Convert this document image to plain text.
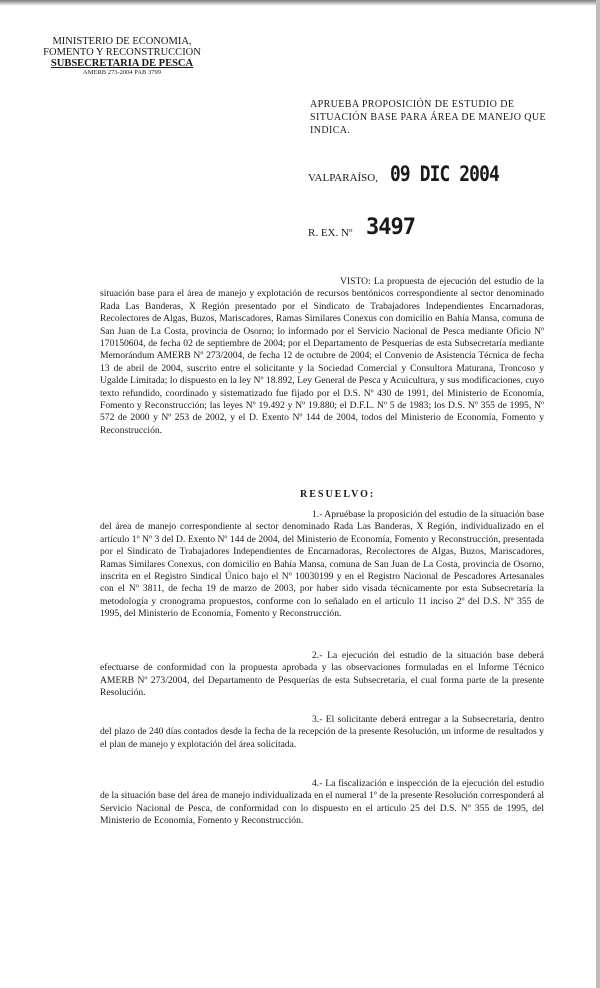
MINISTERIO DE ECONOMIA,
FOMENTO Y RECONSTRUCCION
SUBSECRETARIA DE PESCA
AMERB 273-2004 PAB 3799
APRUEBA PROPOSICIÓN DE ESTUDIO DE SITUACIÓN BASE PARA ÁREA DE MANEJO QUE INDICA.
VALPARAÍSO, 09 DIC 2004
R. EX. Nº 3497

VISTO: La propuesta de ejecución del estudio de la situación base para el área de manejo y explotación de recursos bentónicos correspondiente al sector denominado Rada Las Banderas, X Región presentado por el Sindicato de Trabajadores Independientes Encarnadoras, Recolectores de Algas, Buzos, Mariscadores, Ramas Similares Conexus con domicilio en Bahía Mansa, comuna de San Juan de La Costa, provincia de Osorno; lo informado por el Servicio Nacional de Pesca mediante Oficio Nº 170150604, de fecha 02 de septiembre de 2004; por el Departamento de Pesquerías de esta Subsecretaría mediante Memorándum AMERB Nº 273/2004, de fecha 12 de octubre de 2004; el Convenio de Asistencia Técnica de fecha 13 de abril de 2004, suscrito entre el solicitante y la Sociedad Comercial y Consultora Maturana, Troncoso y Ugalde Limitada; lo dispuesto en la ley Nº 18.892, Ley General de Pesca y Acuicultura, y sus modificaciones, cuyo texto refundido, coordinado y sistematizado fue fijado por el D.S. Nº 430 de 1991, del Ministerio de Economía, Fomento y Reconstrucción; las leyes Nº 19.492 y Nº 19.880; el D.F.L. Nº 5 de 1983; los D.S. Nº 355 de 1995, Nº 572 de 2000 y Nº 253 de 2002, y el D. Exento Nº 144 de 2004, todos del Ministerio de Economía, Fomento y Reconstrucción.

RESUELVO:

1.- Apruébase la proposición del estudio de la situación base del área de manejo correspondiente al sector denominado Rada Las Banderas, X Región, individualizado en el artículo 1º Nº 3 del D. Exento Nº 144 de 2004, del Ministerio de Economía, Fomento y Reconstrucción, presentada por el Sindicato de Trabajadores Independientes de Encarnadoras, Recolectores de Algas, Buzos, Mariscadores, Ramas Similares Conexus, con domicilio en Bahía Mansa, comuna de San Juan de La Costa, provincia de Osorno, inscrita en el Registro Sindical Único bajo el Nº 10030199 y en el Registro Nacional de Pescadores Artesanales con el Nº 3811, de fecha 19 de marzo de 2003, por haber sido visada técnicamente por esta Subsecretaría la metodología y cronograma propuestos, conforme con lo señalado en el artículo 11 inciso 2º del D.S. Nº 355 de 1995, del Ministerio de Economía, Fomento y Reconstrucción.

2.- La ejecución del estudio de la situación base deberá efectuarse de conformidad con la propuesta aprobada y las observaciones formuladas en el Informe Técnico AMERB Nº 273/2004, del Departamento de Pesquerías de esta Subsecretaría, el cual forma parte de la presente Resolución.

3.- El solicitante deberá entregar a la Subsecretaría, dentro del plazo de 240 días contados desde la fecha de la recepción de la presente Resolución, un informe de resultados y el plan de manejo y explotación del área solicitada.

4.- La fiscalización e inspección de la ejecución del estudio de la situación base del área de manejo individualizada en el numeral 1º de la presente Resolución corresponderá al Servicio Nacional de Pesca, de conformidad con lo dispuesto en el artículo 25 del D.S. Nº 355 de 1995, del Ministerio de Economía, Fomento y Reconstrucción.
